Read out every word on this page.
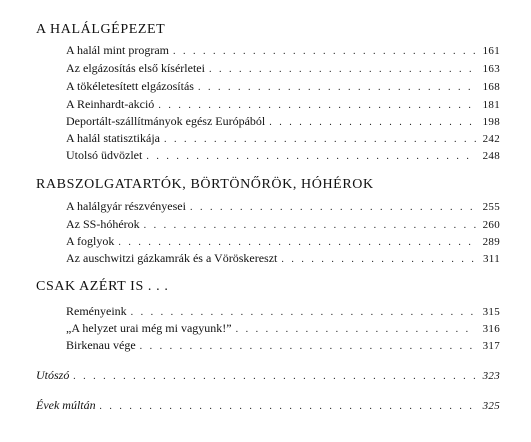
A HALÁLGÉPEZET
A halál mint program . . .	161
Az elgázosítás első kísérletei . . .	163
A tökéletesített elgázosítás . . .	168
A Reinhardt-akció . . .	181
Deportált-szállítmányok egész Európából . . .	198
A halál statisztikája . . .	242
Utolsó üdvözlet . . .	248
RABSZOLGATARTÓK, BÖRTÖNŐRÖK, HÓHÉROK
A halálgyár részvényesei . . .	255
Az SS-hóhérok . . .	260
A foglyok . . .	289
Az auschwitzi gázkamrák és a Vöröskereszt . . .	311
CSAK AZÉRT IS . . .
Reményeink . . .	315
„A helyzet urai még mi vagyunk!” . . .	316
Birkenau vége . . .	317
Utószó . . .	323
Évek múltán . . .	325
